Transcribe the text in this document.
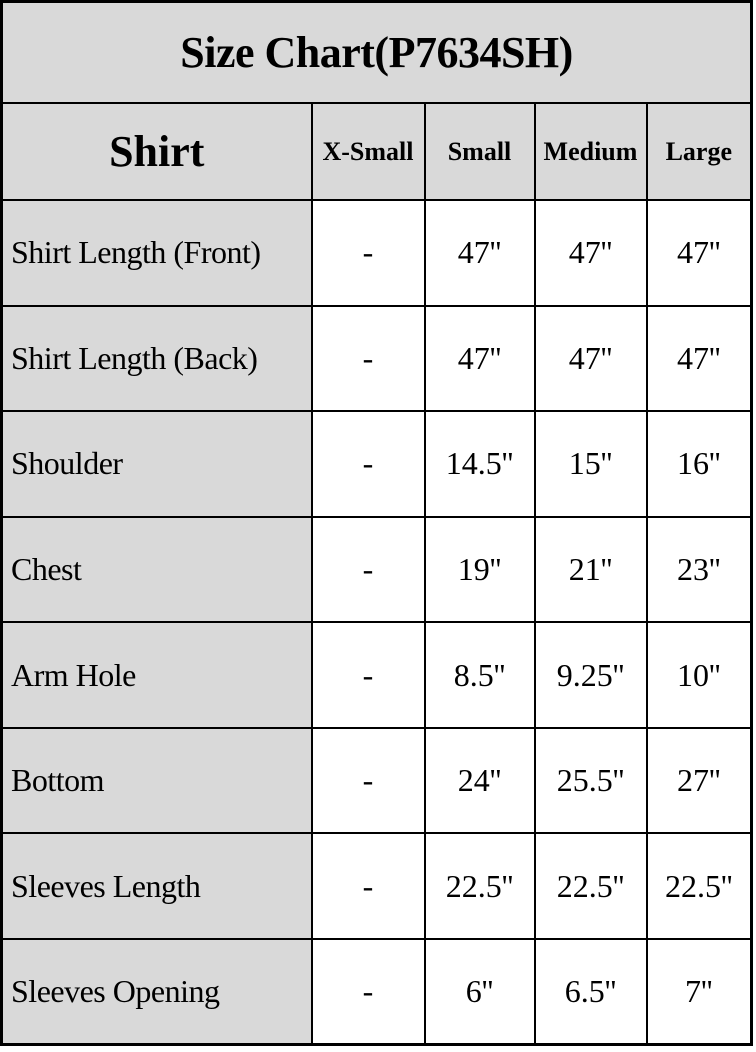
Size Chart(P7634SH)				
Shirt	X-Small	Small	Medium	Large
Shirt Length (Front)	-	47''	47''	47''
Shirt Length (Back)	-	47''	47''	47''
Shoulder	-	14.5''	15''	16''
Chest	-	19''	21''	23''
Arm Hole	-	8.5''	9.25''	10''
Bottom	-	24''	25.5''	27''
Sleeves Length	-	22.5''	22.5''	22.5''
Sleeves Opening	-	6''	6.5''	7''
